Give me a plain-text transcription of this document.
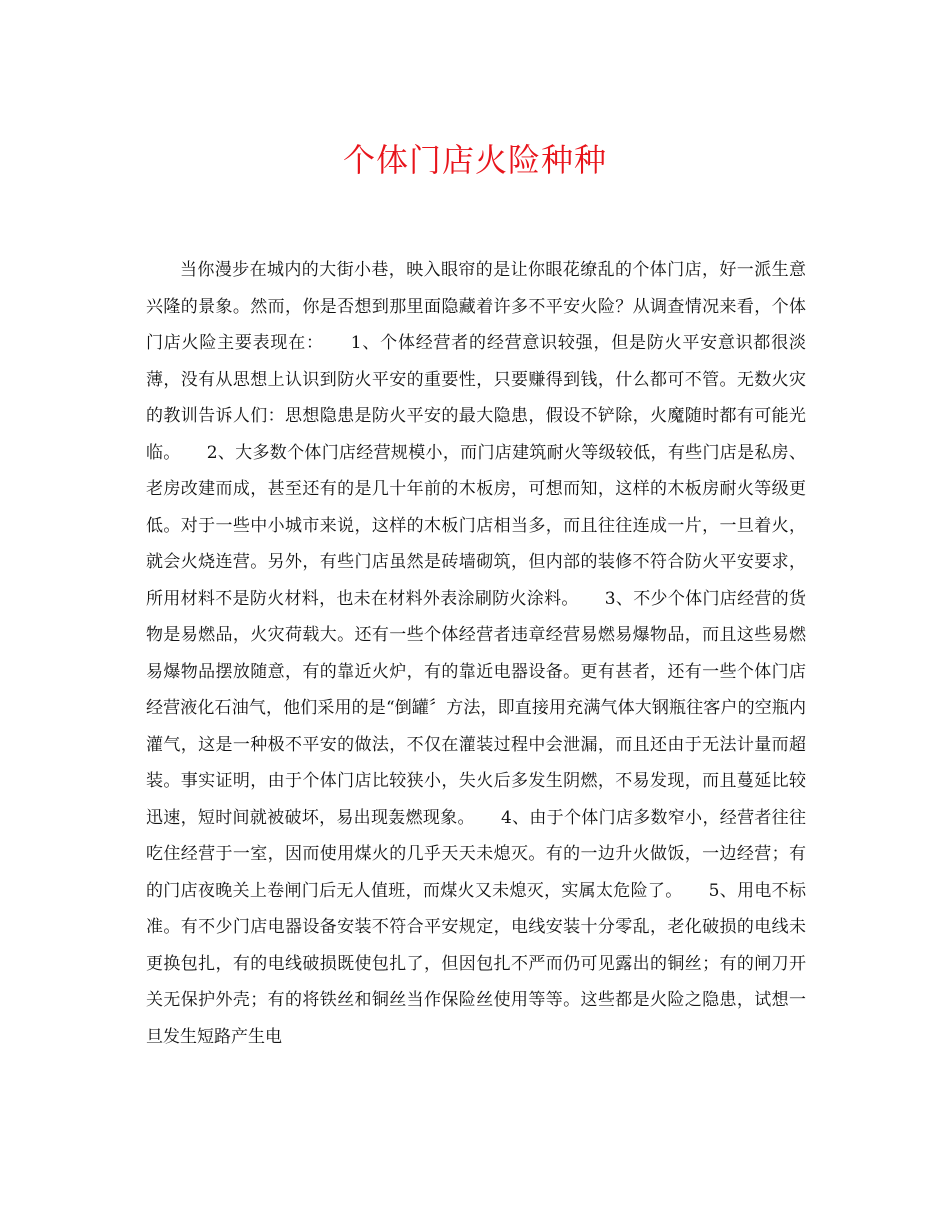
个体门店火险种种

当你漫步在城内的大街小巷，映入眼帘的是让你眼花缭乱的个体门店，好一派生意兴隆的景象。然而，你是否想到那里面隐藏着许多不平安火险？从调查情况来看，个体门店火险主要表现在：　　1、个体经营者的经营意识较强，但是防火平安意识都很淡薄，没有从思想上认识到防火平安的重要性，只要赚得到钱，什么都可不管。无数火灾的教训告诉人们：思想隐患是防火平安的最大隐患，假设不铲除，火魔随时都有可能光临。　　2、大多数个体门店经营规模小，而门店建筑耐火等级较低，有些门店是私房、老房改建而成，甚至还有的是几十年前的木板房，可想而知，这样的木板房耐火等级更低。对于一些中小城市来说，这样的木板门店相当多，而且往往连成一片，一旦着火，就会火烧连营。另外，有些门店虽然是砖墙砌筑，但内部的装修不符合防火平安要求，所用材料不是防火材料，也未在材料外表涂刷防火涂料。　　3、不少个体门店经营的货物是易燃品，火灾荷载大。还有一些个体经营者违章经营易燃易爆物品，而且这些易燃易爆物品摆放随意，有的靠近火炉，有的靠近电器设备。更有甚者，还有一些个体门店经营液化石油气，他们采用的是“倒罐〞方法，即直接用充满气体大钢瓶往客户的空瓶内灌气，这是一种极不平安的做法，不仅在灌装过程中会泄漏，而且还由于无法计量而超装。事实证明，由于个体门店比较狭小，失火后多发生阴燃，不易发现，而且蔓延比较迅速，短时间就被破坏，易出现轰燃现象。　　4、由于个体门店多数窄小，经营者往往吃住经营于一室，因而使用煤火的几乎天天未熄灭。有的一边升火做饭，一边经营；有的门店夜晚关上卷闸门后无人值班，而煤火又未熄灭，实属太危险了。　　5、用电不标准。有不少门店电器设备安装不符合平安规定，电线安装十分零乱，老化破损的电线未更换包扎，有的电线破损既使包扎了，但因包扎不严而仍可见露出的铜丝；有的闸刀开关无保护外壳；有的将铁丝和铜丝当作保险丝使用等等。这些都是火险之隐患，试想一旦发生短路产生电
